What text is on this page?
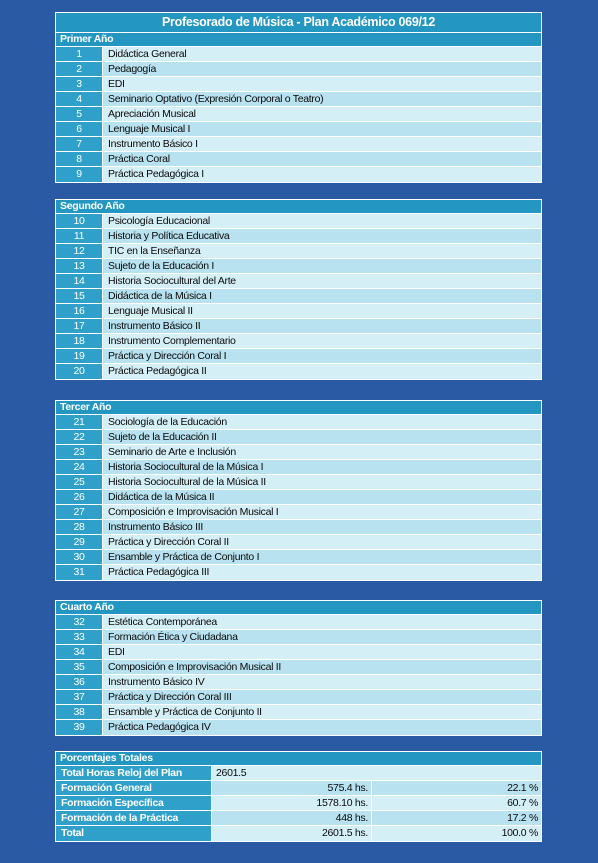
Profesorado de Música - Plan Académico 069/12
Primer Año
1	Didáctica General
2	Pedagogía
3	EDI
4	Seminario Optativo (Expresión Corporal o Teatro)
5	Apreciación Musical
6	Lenguaje Musical I
7	Instrumento Básico I
8	Práctica Coral
9	Práctica Pedagógica I
Segundo Año
10	Psicología Educacional
11	Historia y Política Educativa
12	TIC en la Enseñanza
13	Sujeto de la Educación I
14	Historia Sociocultural del Arte
15	Didáctica de la Música I
16	Lenguaje Musical II
17	Instrumento Básico II
18	Instrumento Complementario
19	Práctica y Dirección Coral I
20	Práctica Pedagógica II
Tercer Año
21	Sociología de la Educación
22	Sujeto de la Educación II
23	Seminario de Arte e Inclusión
24	Historia Sociocultural de la Música I
25	Historia Sociocultural de la Música II
26	Didáctica de la Música II
27	Composición e Improvisación Musical I
28	Instrumento Básico III
29	Práctica y Dirección Coral II
30	Ensamble y Práctica de Conjunto I
31	Práctica Pedagógica III
Cuarto Año
32	Estética Contemporánea
33	Formación Ética y Ciudadana
34	EDI
35	Composición e Improvisación Musical II
36	Instrumento Básico IV
37	Práctica y Dirección Coral III
38	Ensamble y Práctica de Conjunto II
39	Práctica Pedagógica IV
Porcentajes Totales
Total Horas Reloj del Plan	2601.5
Formación General	575.4 hs.	22.1 %
Formación Específica	1578.10 hs.	60.7 %
Formación de la Práctica	448 hs.	17.2 %
Total	2601.5 hs.	100.0 %
